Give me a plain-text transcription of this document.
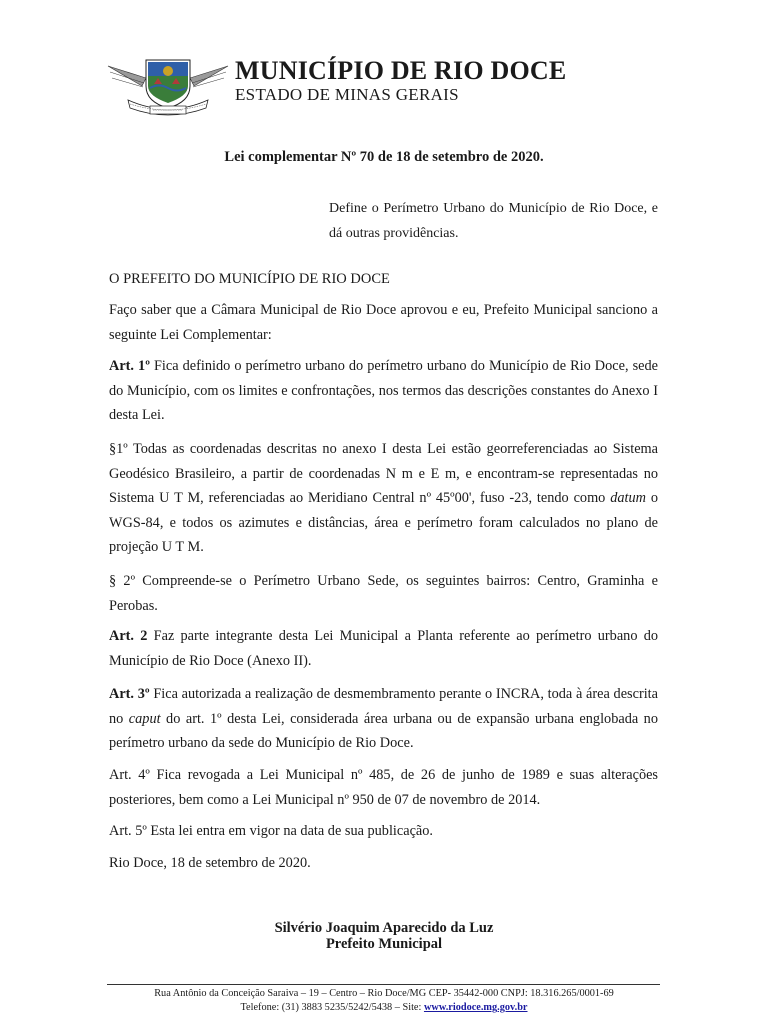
MUNICÍPIO DE RIO DOCE

ESTADO DE MINAS GERAIS

Lei complementar Nº 70 de 18 de setembro de 2020.

Define o Perímetro Urbano do Município de Rio Doce, e dá outras providências.

O PREFEITO DO MUNICÍPIO DE RIO DOCE

Faço saber que a Câmara Municipal de Rio Doce aprovou e eu, Prefeito Municipal sanciono a seguinte Lei Complementar:

Art. 1º Fica definido o perímetro urbano do perímetro urbano do Município de Rio Doce, sede do Município, com os limites e confrontações, nos termos das descrições constantes do Anexo I desta Lei.

§1º Todas as coordenadas descritas no anexo I desta Lei estão georreferenciadas ao Sistema Geodésico Brasileiro, a partir de coordenadas N m e E m, e encontram-se representadas no Sistema U T M, referenciadas ao Meridiano Central nº 45º00', fuso -23, tendo como datum o WGS-84, e todos os azimutes e distâncias, área e perímetro foram calculados no plano de projeção U T M.

§ 2º Compreende-se o Perímetro Urbano Sede, os seguintes bairros: Centro, Graminha e Perobas.

Art. 2 Faz parte integrante desta Lei Municipal a Planta referente ao perímetro urbano do Município de Rio Doce (Anexo II).

Art. 3º Fica autorizada a realização de desmembramento perante o INCRA, toda à área descrita no caput do art. 1º desta Lei, considerada área urbana ou de expansão urbana englobada no perímetro urbano da sede do Município de Rio Doce.

Art. 4º Fica revogada a Lei Municipal nº 485, de 26 de junho de 1989 e suas alterações posteriores, bem como a Lei Municipal nº 950 de 07 de novembro de 2014.

Art. 5º Esta lei entra em vigor na data de sua publicação.

Rio Doce, 18 de setembro de 2020.

Silvério Joaquim Aparecido da Luz

Prefeito Municipal

Rua Antônio da Conceição Saraiva – 19 – Centro – Rio Doce/MG CEP- 35442-000 CNPJ: 18.316.265/0001-69

Telefone: (31) 3883 5235/5242/5438 – Site: www.riodoce.mg.gov.br
